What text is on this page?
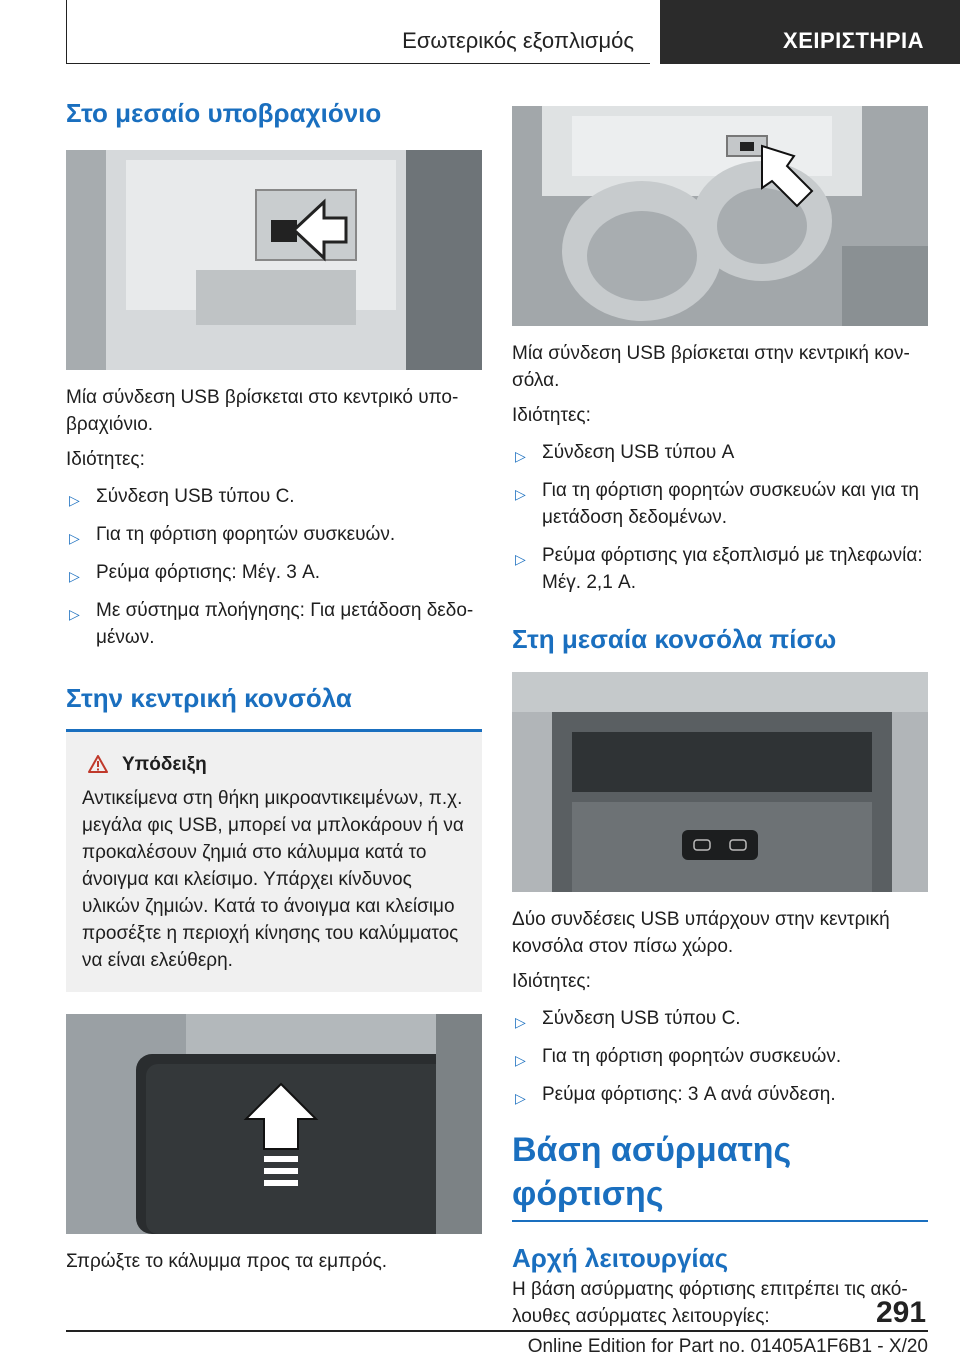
Εσωτερικός εξοπλισμός	ΧΕΙΡΙΣΤΗΡΙΑ
Στο μεσαίο υποβραχιόνιο

Μία σύνδεση USB βρίσκεται στο κεντρικό υπο-βραχιόνιο.

Ιδιότητες:

▷ Σύνδεση USB τύπου C.
▷ Για τη φόρτιση φορητών συσκευών.
▷ Ρεύμα φόρτισης: Μέγ. 3 A.
▷ Με σύστημα πλοήγησης: Για μετάδοση δεδο-μένων.
Στην κεντρική κονσόλα
Υπόδειξη
Αντικείμενα στη θήκη μικροαντικειμένων, π.χ. μεγάλα φις USB, μπορεί να μπλοκάρουν ή να προκαλέσουν ζημιά στο κάλυμμα κατά το άνοιγμα και κλείσιμο. Υπάρχει κίνδυνος υλικών ζημιών. Κατά το άνοιγμα και κλείσιμο προσέξτε η περιοχή κίνησης του καλύμματος να είναι ελεύθερη.

Σπρώξτε το κάλυμμα προς τα εμπρός.

Μία σύνδεση USB βρίσκεται στην κεντρική κον-σόλα.

Ιδιότητες:

▷ Σύνδεση USB τύπου A
▷ Για τη φόρτιση φορητών συσκευών και για τη μετάδοση δεδομένων.
▷ Ρεύμα φόρτισης για εξοπλισμό με τηλεφωνία: Μέγ. 2,1 A.
Στη μεσαία κονσόλα πίσω

Δύο συνδέσεις USB υπάρχουν στην κεντρική κονσόλα στον πίσω χώρο.

Ιδιότητες:

▷ Σύνδεση USB τύπου C.
▷ Για τη φόρτιση φορητών συσκευών.
▷ Ρεύμα φόρτισης: 3 A ανά σύνδεση.
Βάση ασύρματης φόρτισης
Αρχή λειτουργίας

Η βάση ασύρματης φόρτισης επιτρέπει τις ακό-λουθες ασύρματες λειτουργίες:	291
Online Edition for Part no. 01405A1F6B1 - X/20
